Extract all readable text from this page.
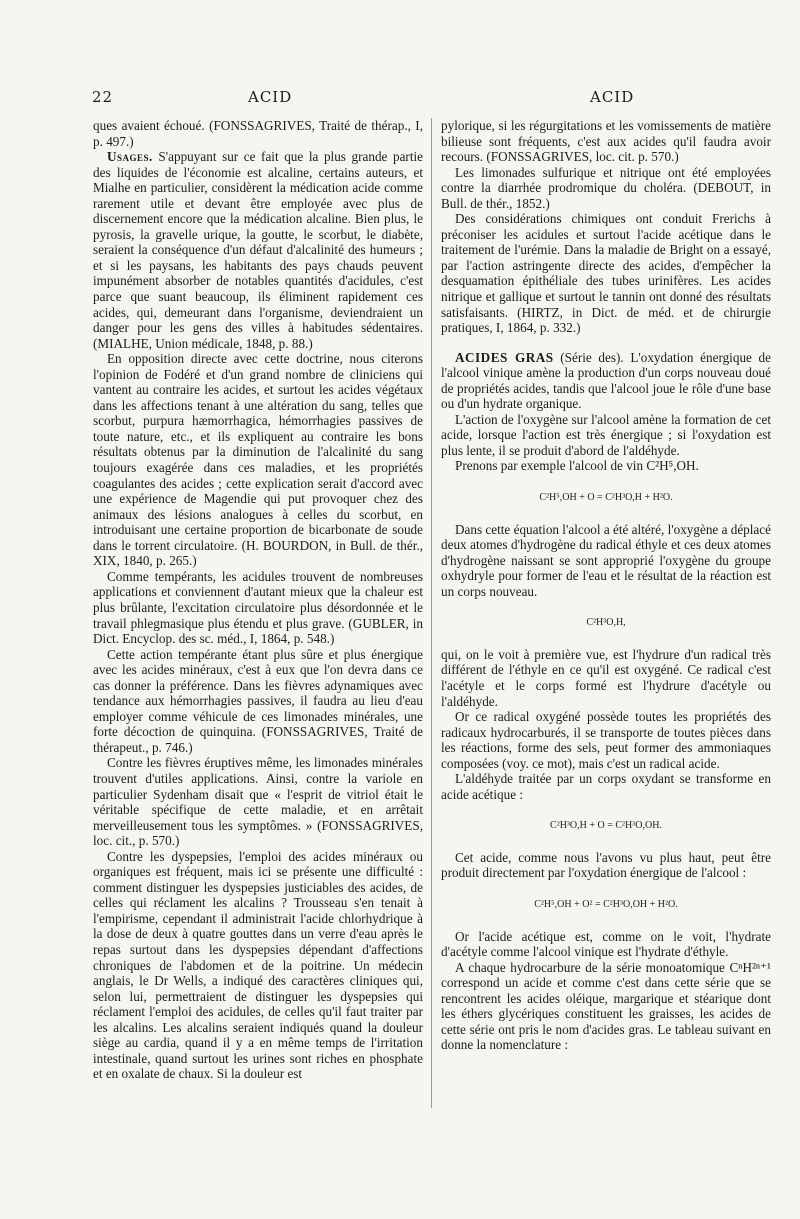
22	ACID	ACID

ques avaient échoué. (FONSSAGRIVES, Traité de thérap., I, p. 497.)

Usages. S'appuyant sur ce fait que la plus grande partie des liquides de l'économie est alcaline, certains auteurs, et Mialhe en particulier, considèrent la médication acide comme rarement utile et devant être employée avec plus de discernement encore que la médication alcaline. Bien plus, le pyrosis, la gravelle urique, la goutte, le scorbut, le diabète, seraient la conséquence d'un défaut d'alcalinité des humeurs ; et si les paysans, les habitants des pays chauds peuvent impunément absorber de notables quantités d'acidules, c'est parce que suant beaucoup, ils éliminent rapidement ces acides, qui, demeurant dans l'organisme, deviendraient un danger pour les gens des villes à habitudes sédentaires. (MIALHE, Union médicale, 1848, p. 88.)

En opposition directe avec cette doctrine, nous citerons l'opinion de Fodéré et d'un grand nombre de cliniciens qui vantent au contraire les acides, et surtout les acides végétaux dans les affections tenant à une altération du sang, telles que scorbut, purpura hæmorrhagica, hémorrhagies passives de toute nature, etc., et ils expliquent au contraire les bons résultats obtenus par la diminution de l'alcalinité du sang toujours exagérée dans ces maladies, et les propriétés coagulantes des acides ; cette explication serait d'accord avec une expérience de Magendie qui put provoquer chez des animaux des lésions analogues à celles du scorbut, en introduisant une certaine proportion de bicarbonate de soude dans le torrent circulatoire. (H. BOURDON, in Bull. de thér., XIX, 1840, p. 265.)

Comme tempérants, les acidules trouvent de nombreuses applications et conviennent d'autant mieux que la chaleur est plus brûlante, l'excitation circulatoire plus désordonnée et le travail phlegmasique plus étendu et plus grave. (GUBLER, in Dict. Encyclop. des sc. méd., I, 1864, p. 548.)

Cette action tempérante étant plus sûre et plus énergique avec les acides minéraux, c'est à eux que l'on devra dans ce cas donner la préférence. Dans les fièvres adynamiques avec tendance aux hémorrhagies passives, il faudra au lieu d'eau employer comme véhicule de ces limonades minérales, une forte décoction de quinquina. (FONSSAGRIVES, Traité de thérapeut., p. 746.)

Contre les fièvres éruptives même, les limonades minérales trouvent d'utiles applications. Ainsi, contre la variole en particulier Sydenham disait que « l'esprit de vitriol était le véritable spécifique de cette maladie, et en arrêtait merveilleusement tous les symptômes. » (FONSSAGRIVES, loc. cit., p. 570.)

Contre les dyspepsies, l'emploi des acides minéraux ou organiques est fréquent, mais ici se présente une difficulté : comment distinguer les dyspepsies justiciables des acides, de celles qui réclament les alcalins ? Trousseau s'en tenait à l'empirisme, cependant il administrait l'acide chlorhydrique à la dose de deux à quatre gouttes dans un verre d'eau après le repas surtout dans les dyspepsies dépendant d'affections chroniques de l'abdomen et de la poitrine. Un médecin anglais, le Dr Wells, a indiqué des caractères cliniques qui, selon lui, permettraient de distinguer les dyspepsies qui réclament l'emploi des acidules, de celles qu'il faut traiter par les alcalins. Les alcalins seraient indiqués quand la douleur siège au cardia, quand il y a en même temps de l'irritation intestinale, quand surtout les urines sont riches en phosphate et en oxalate de chaux. Si la douleur est

pylorique, si les régurgitations et les vomissements de matière bilieuse sont fréquents, c'est aux acides qu'il faudra avoir recours. (FONSSAGRIVES, loc. cit. p. 570.)

Les limonades sulfurique et nitrique ont été employées contre la diarrhée prodromique du choléra. (DEBOUT, in Bull. de thér., 1852.)

Des considérations chimiques ont conduit Frerichs à préconiser les acidules et surtout l'acide acétique dans le traitement de l'urémie. Dans la maladie de Bright on a essayé, par l'action astringente directe des acides, d'empêcher la desquamation épithéliale des tubes urinifères. Les acides nitrique et gallique et surtout le tannin ont donné des résultats satisfaisants. (HIRTZ, in Dict. de méd. et de chirurgie pratiques, I, 1864, p. 332.)

ACIDES GRAS (Série des). L'oxydation énergique de l'alcool vinique amène la production d'un corps nouveau doué de propriétés acides, tandis que l'alcool joue le rôle d'une base ou d'un hydrate organique.

L'action de l'oxygène sur l'alcool amène la formation de cet acide, lorsque l'action est très énergique ; si l'oxydation est plus lente, il se produit d'abord de l'aldéhyde.

Prenons par exemple l'alcool de vin C²H⁵,OH.

C²H⁵,OH + O = C²H³O,H + H²O.

Dans cette équation l'alcool a été altéré, l'oxygène a déplacé deux atomes d'hydrogène du radical éthyle et ces deux atomes d'hydrogène naissant se sont approprié l'oxygène du groupe oxhydryle pour former de l'eau et le résultat de la réaction est un corps nouveau.

C²H³O,H,

qui, on le voit à première vue, est l'hydrure d'un radical très différent de l'éthyle en ce qu'il est oxygéné. Ce radical c'est l'acétyle et le corps formé est l'hydrure d'acétyle ou l'aldéhyde.

Or ce radical oxygéné possède toutes les propriétés des radicaux hydrocarburés, il se transporte de toutes pièces dans les réactions, forme des sels, peut former des ammoniaques composées (voy. ce mot), mais c'est un radical acide.

L'aldéhyde traitée par un corps oxydant se transforme en acide acétique :

C²H³O,H + O = C²H³O,OH.

Cet acide, comme nous l'avons vu plus haut, peut être produit directement par l'oxydation énergique de l'alcool :

C²H⁵,OH + O² = C²H³O,OH + H²O.

Or l'acide acétique est, comme on le voit, l'hydrate d'acétyle comme l'alcool vinique est l'hydrate d'éthyle.

A chaque hydrocarbure de la série monoatomique CⁿH²ⁿ⁺¹ correspond un acide et comme c'est dans cette série que se rencontrent les acides oléique, margarique et stéarique dont les éthers glycériques constituent les graisses, les acides de cette série ont pris le nom d'acides gras. Le tableau suivant en donne la nomenclature :
